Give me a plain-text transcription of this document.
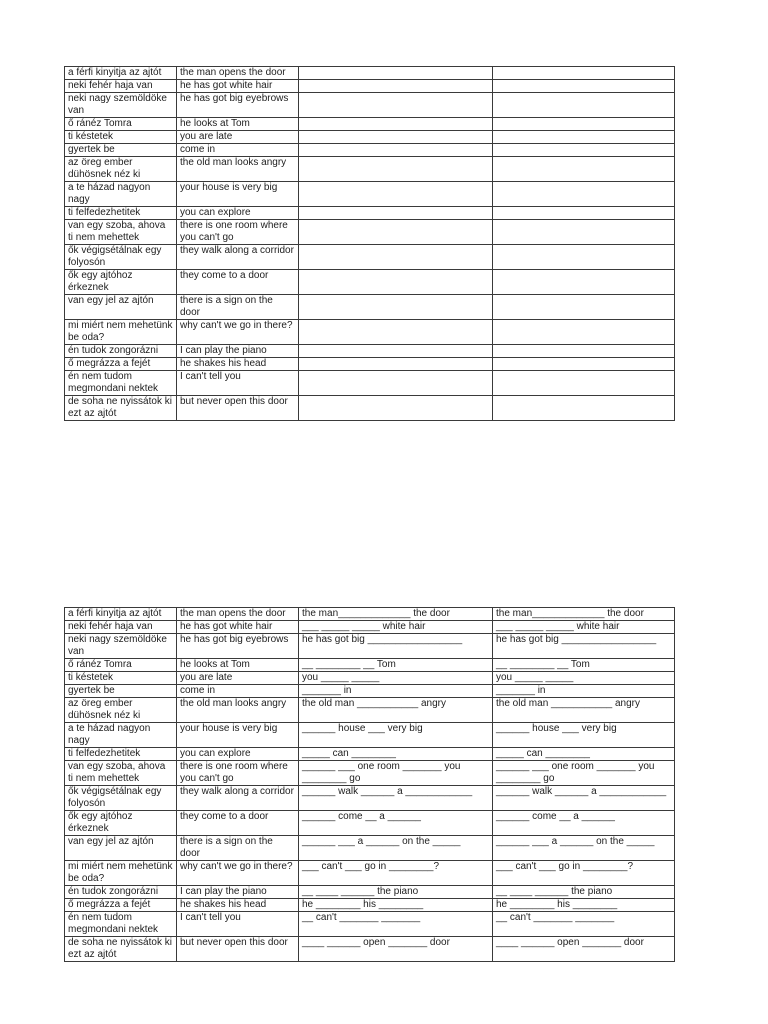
a férfi kinyitja az ajtót	the man opens the door		
neki fehér haja van	he has got white hair		
neki nagy szemöldöke van	he has got big eyebrows		
ő ránéz Tomra	he looks at Tom		
ti késtetek	you are late		
gyertek be	come in		
az öreg ember dühösnek néz ki	the old man looks angry		
a te házad nagyon nagy	your house is very big		
ti felfedezhetitek	you can explore		
van egy szoba, ahova ti nem mehettek	there is one room where you can't go		
ők végigsétálnak egy folyosón	they walk along a corridor		
ők egy ajtóhoz érkeznek	they come to a door		
van egy jel az ajtón	there is a sign on the door		
mi miért nem mehetünk be oda?	why can't we go in there?		
én tudok zongorázni	I can play the piano		
ő megrázza a fejét	he shakes his head		
én nem tudom megmondani nektek	I can't tell you		
de soha ne nyissátok ki ezt az ajtót	but never open this door		
a férfi kinyitja az ajtót	the man opens the door	the man_____________ the door	the man_____________ the door
neki fehér haja van	he has got white hair	___ _____ _____ white hair	___ _____ _____ white hair
neki nagy szemöldöke van	he has got big eyebrows	he has got big _________________	he has got big _________________
ő ránéz Tomra	he looks at Tom	__ ________ __ Tom	__ ________ __ Tom
ti késtetek	you are late	you _____ _____	you _____ _____
gyertek be	come in	_______ in	_______ in
az öreg ember dühösnek néz ki	the old man looks angry	the old man ___________ angry	the old man ___________ angry
a te házad nagyon nagy	your house is very big	______ house ___ very big	______ house ___ very big
ti felfedezhetitek	you can explore	_____ can ________	_____ can ________
van egy szoba, ahova ti nem mehettek	there is one room where you can't go	______ ___ one room _______ you ________ go	______ ___ one room _______ you ________ go
ők végigsétálnak egy folyosón	they walk along a corridor	______ walk ______ a ____________	______ walk ______ a ____________
ők egy ajtóhoz érkeznek	they come to a door	______ come __ a ______	______ come __ a ______
van egy jel az ajtón	there is a sign on the door	______ ___ a ______ on the _____	______ ___ a ______ on the _____
mi miért nem mehetünk be oda?	why can't we go in there?	___ can't ___ go in ________?	___ can't ___ go in ________?
én tudok zongorázni	I can play the piano	__ ____ ______ the piano	__ ____ ______ the piano
ő megrázza a fejét	he shakes his head	he ________ his ________	he ________ his ________
én nem tudom megmondani nektek	I can't tell you	__ can't _______ _______	__ can't _______ _______
de soha ne nyissátok ki ezt az ajtót	but never open this door	____ ______ open _______ door	____ ______ open _______ door
